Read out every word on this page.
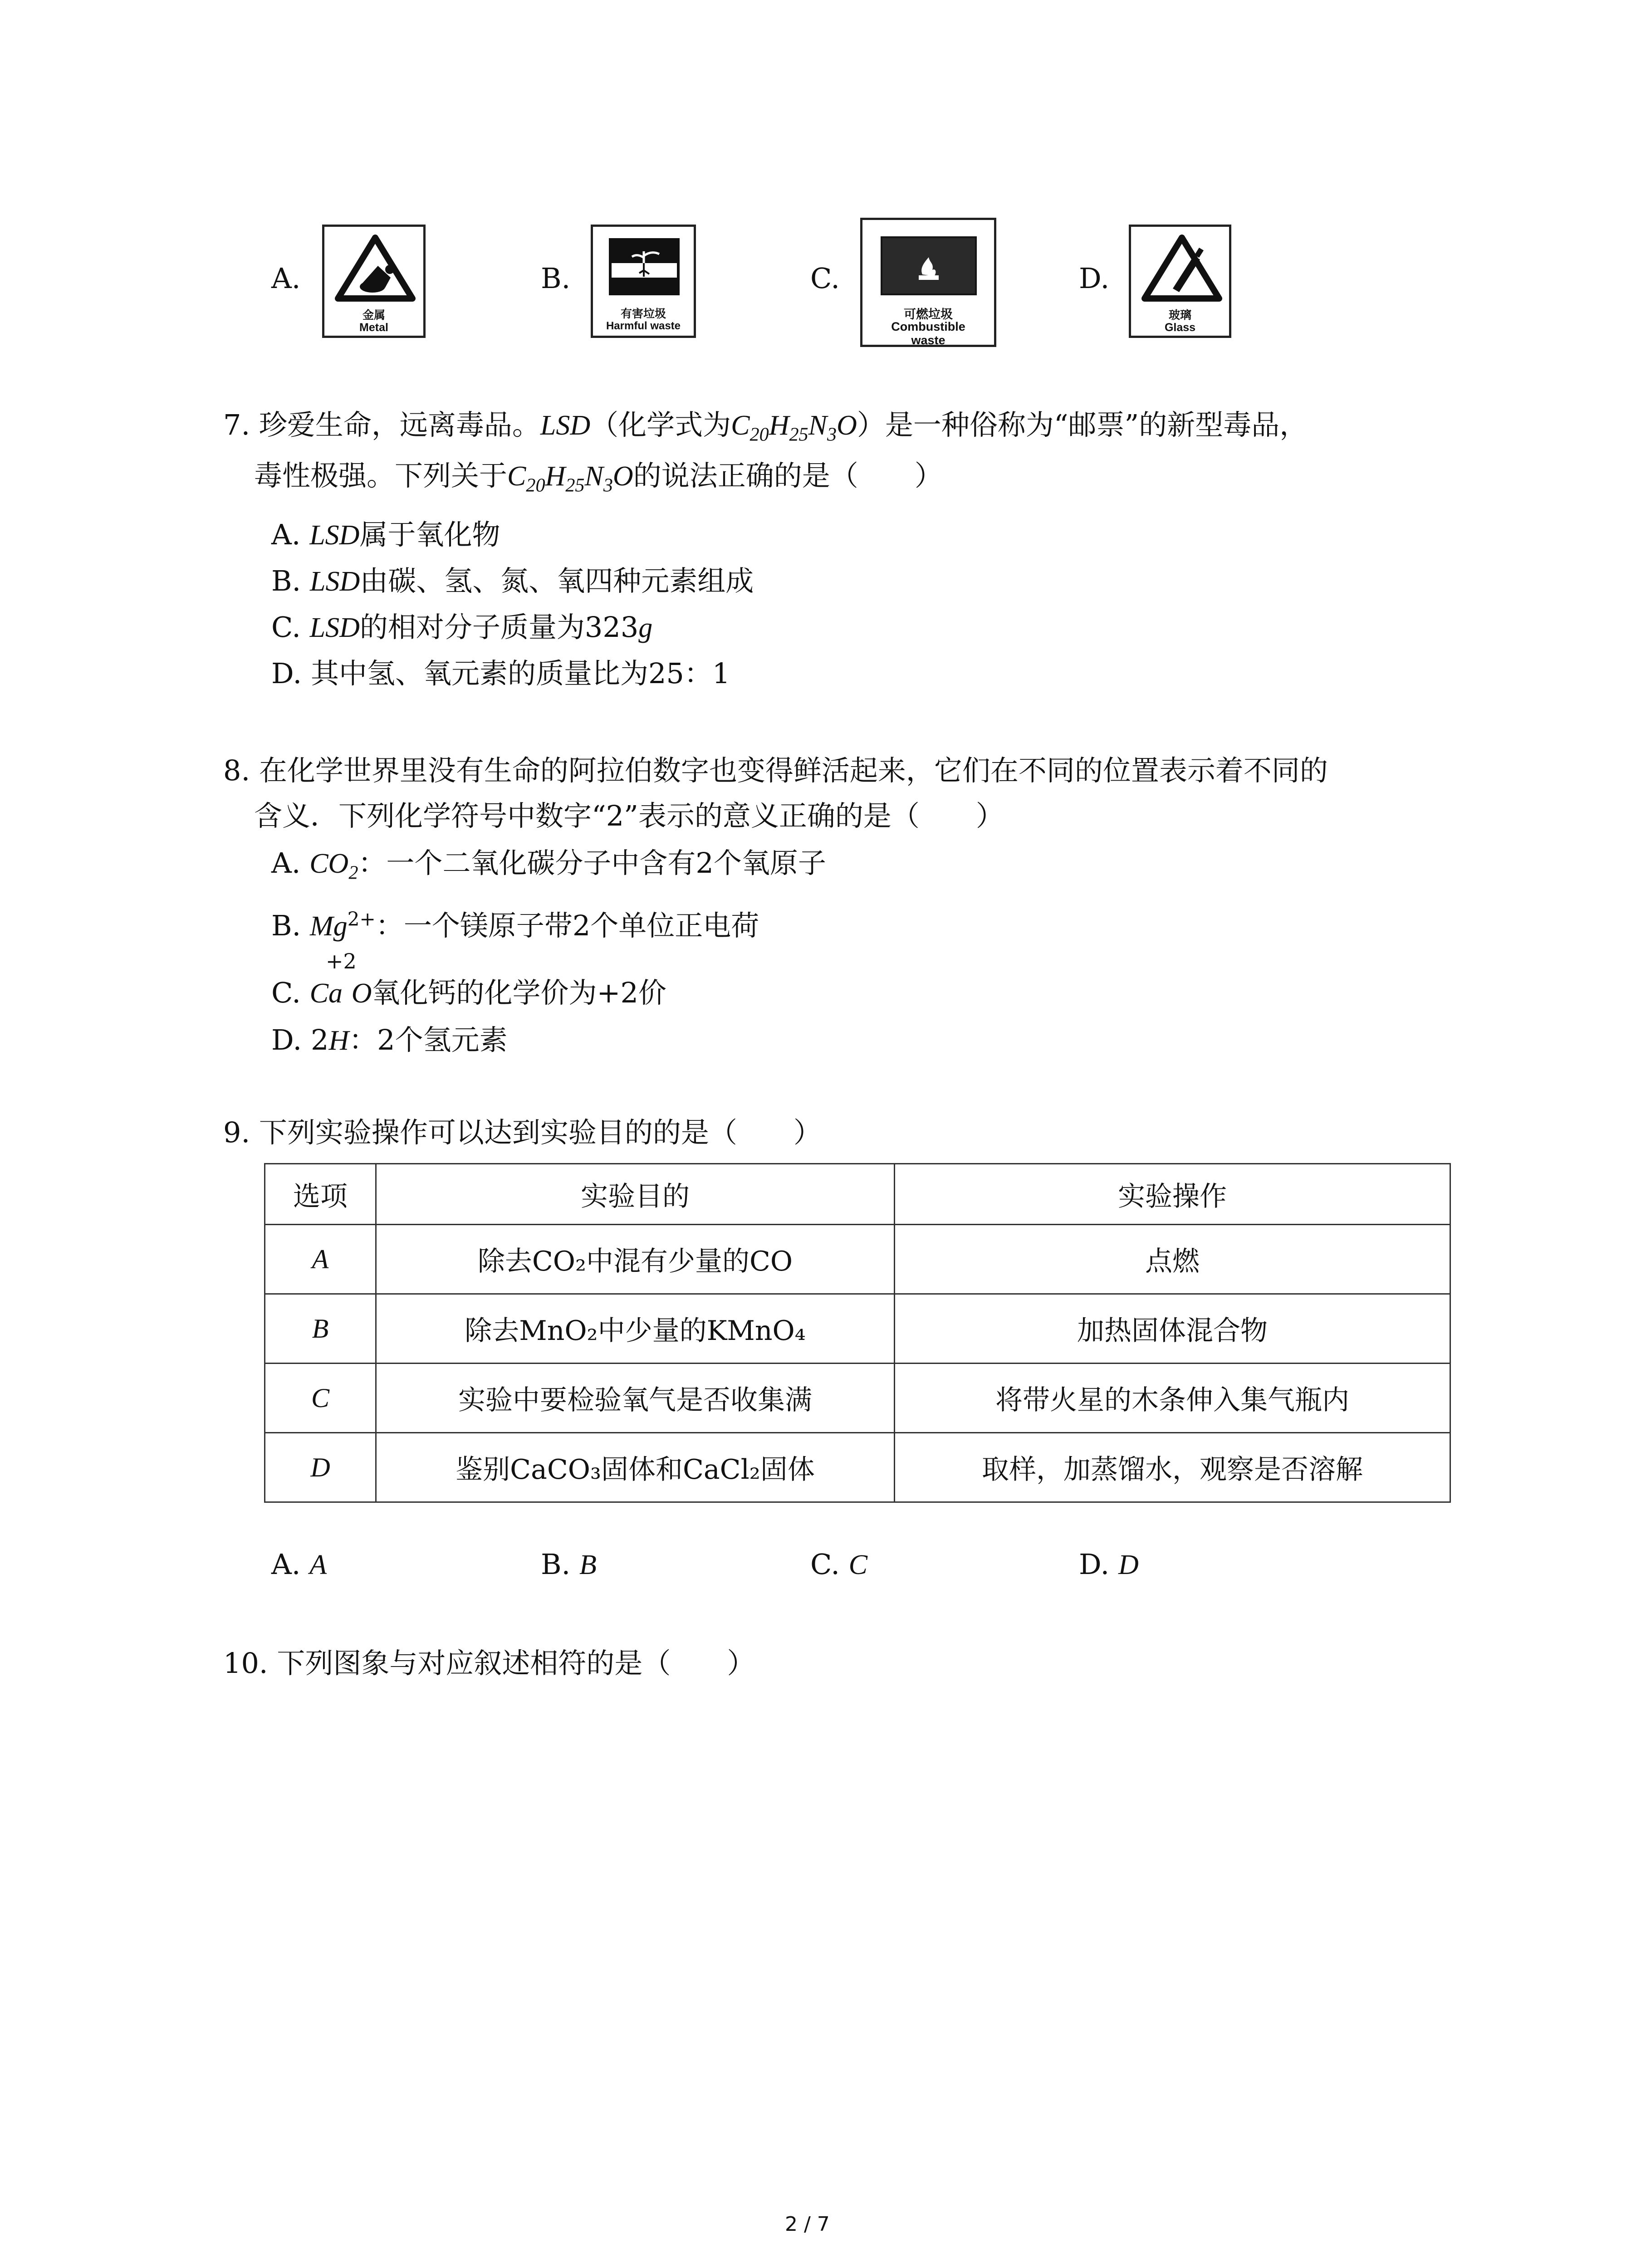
A.
金属
Metal
B.
有害垃圾
Harmful waste
C.
可燃垃圾
Combustible waste
D.
玻璃
Glass
7. 珍爱生命，远离毒品。LSD（化学式为$C_{20}H_{25}N_3O$）是一种俗称为“邮票”的新型毒品，
毒性极强。下列关于$C_{20}H_{25}N_3O$的说法正确的是（　　）
A. LSD属于氧化物
B. LSD由碳、氢、氮、氧四种元素组成
C. LSD的相对分子质量为323g
D. 其中氢、氧元素的质量比为25：1
8. 在化学世界里没有生命的阿拉伯数字也变得鲜活起来，它们在不同的位置表示着不同的
含义．下列化学符号中数字“2”表示的意义正确的是（　　）
A. $CO_2$：一个二氧化碳分子中含有2个氧原子
B. $Mg^{2+}$：一个镁原子带2个单位正电荷
+2
C. Ca O氧化钙的化学价为+2价
D. 2H：2个氢元素
9. 下列实验操作可以达到实验目的的是（　　）
选项	实验目的	实验操作
A	除去CO₂中混有少量的CO	点燃
B	除去MnO₂中少量的KMnO₄	加热固体混合物
C	实验中要检验氧气是否收集满	将带火星的木条伸入集气瓶内
D	鉴别CaCO₃固体和CaCl₂固体	取样，加蒸馏水，观察是否溶解
A. A	B. B	C. C	D. D
10. 下列图象与对应叙述相符的是（　　）
2 / 7
